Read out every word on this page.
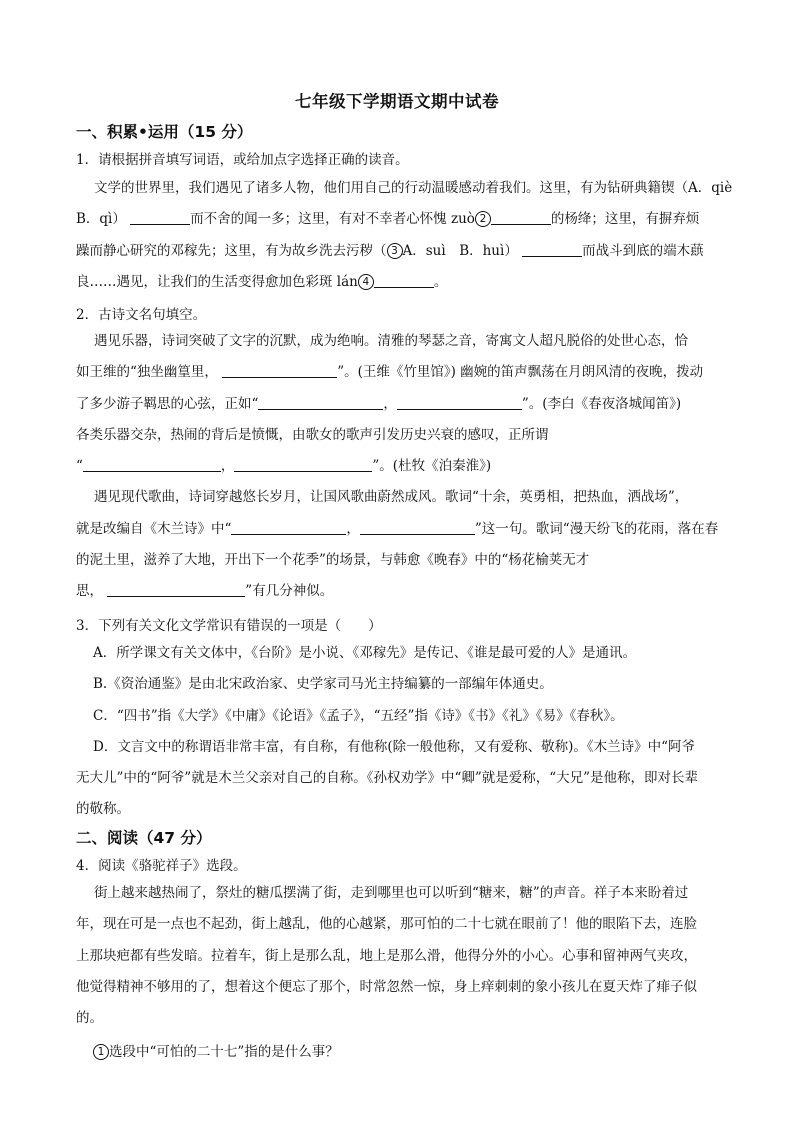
七年级下学期语文期中试卷
一、积累•运用（15 分）
1．请根据拼音填写词语，或给加点字选择正确的读音。
文学的世界里，我们遇见了诸多人物，他们用自己的行动温暖感动着我们。这里，有为钻研典籍锲（A．qiè
B．qì）	而不舍的闻一多；这里，有对不幸者心怀愧 zuò 2	的杨绛；这里，有摒弃烦
躁而静心研究的邓稼先；这里，有为故乡洗去污秽（ 3 A．suì　B．huì）	而战斗到底的端木蕻
良……遇见，让我们的生活变得愈加色彩斑 lán 4	。
2．古诗文名句填空。
遇见乐器，诗词突破了文字的沉默，成为绝响。清雅的琴瑟之音，寄寓文人超凡脱俗的处世心态，恰
如王维的“独坐幽篁里，	”。(王维《竹里馆》) 幽婉的笛声飘荡在月朗风清的夜晚，拨动
了多少游子羁思的心弦，正如“	，	”。(李白《春夜洛城闻笛》)
各类乐器交杂，热闹的背后是愤慨，由歌女的歌声引发历史兴衰的感叹，正所谓
“	，	”。(杜牧《泊秦淮》)
遇见现代歌曲，诗词穿越悠长岁月，让国风歌曲蔚然成风。歌词“十余，英勇相，把热血，洒战场”，
就是改编自《木兰诗》中“	，	”这一句。歌词“漫天纷飞的花雨，落在春
的泥土里，滋养了大地，开出下一个花季”的场景，与韩愈《晚春》中的“杨花榆荚无才
思，	”有几分神似。
3．下列有关文化文学常识有错误的一项是（　　）
A．所学课文有关文体中，《台阶》是小说、《邓稼先》是传记、《谁是最可爱的人》是通讯。
B.《资治通鉴》是由北宋政治家、史学家司马光主持编纂的一部编年体通史。
C．“四书”指《大学》《中庸》《论语》《孟子》，“五经”指《诗》《书》《礼》《易》《春秋》。
D．文言文中的称谓语非常丰富，有自称，有他称(除一般他称，又有爱称、敬称)。《木兰诗》中“阿爷
无大儿”中的“阿爷”就是木兰父亲对自己的自称。《孙权劝学》中“卿”就是爱称，“大兄”是他称，即对长辈
的敬称。
二、阅读（47 分）
4．阅读《骆驼祥子》选段。
街上越来越热闹了，祭灶的糖瓜摆满了街，走到哪里也可以听到“糖来，糖”的声音。祥子本来盼着过
年，现在可是一点也不起劲，街上越乱，他的心越紧，那可怕的二十七就在眼前了！他的眼陷下去，连脸
上那块疤都有些发暗。拉着车，街上是那么乱，地上是那么滑，他得分外的小心。心事和留神两气夹攻，
他觉得精神不够用的了，想着这个便忘了那个，时常忽然一惊，身上痒刺刺的象小孩儿在夏天炸了痱子似
的。
1 选段中“可怕的二十七”指的是什么事？
